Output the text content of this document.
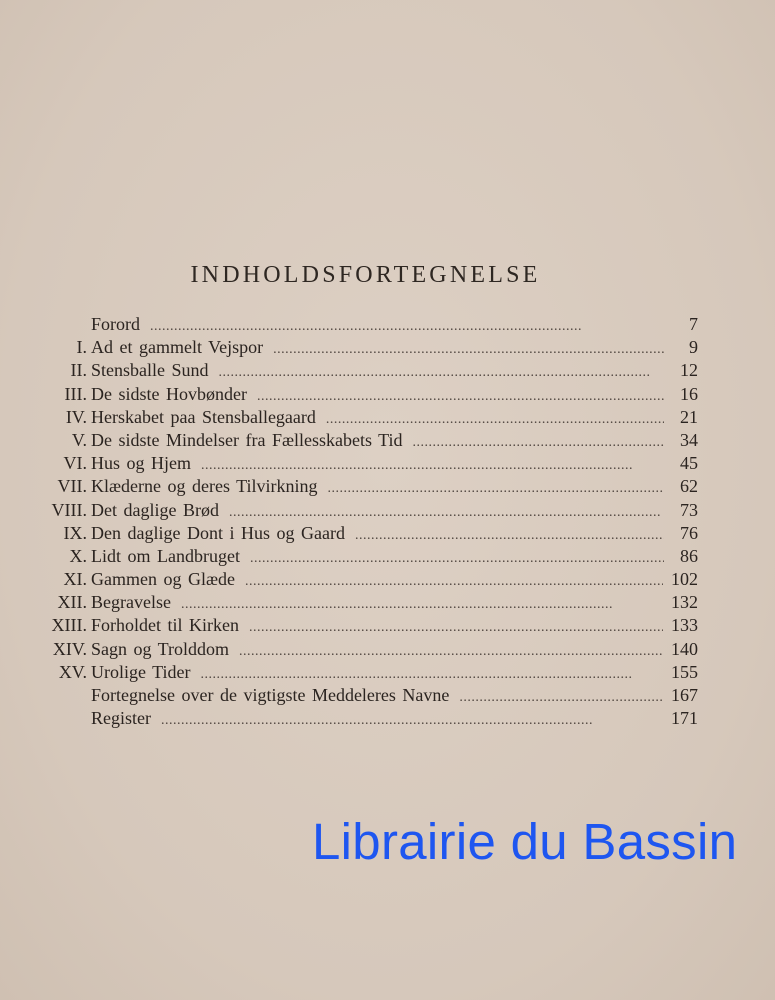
INDHOLDSFORTEGNELSE
Forord . . .	7
I. Ad et gammelt Vejspor . . .	9
II. Stensballe Sund . . .	12
III. De sidste Hovbønder . . .	16
IV. Herskabet paa Stensballegaard . . .	21
V. De sidste Mindelser fra Fællesskabets Tid . . .	34
VI. Hus og Hjem . . .	45
VII. Klæderne og deres Tilvirkning . . .	62
VIII. Det daglige Brød . . .	73
IX. Den daglige Dont i Hus og Gaard . . .	76
X. Lidt om Landbruget . . .	86
XI. Gammen og Glæde . . .	102
XII. Begravelse . . .	132
XIII. Forholdet til Kirken . . .	133
XIV. Sagn og Trolddom . . .	140
XV. Urolige Tider . . .	155
Fortegnelse over de vigtigste Meddeleres Navne . . .	167
Register . . .	171
Librairie du Bassin
